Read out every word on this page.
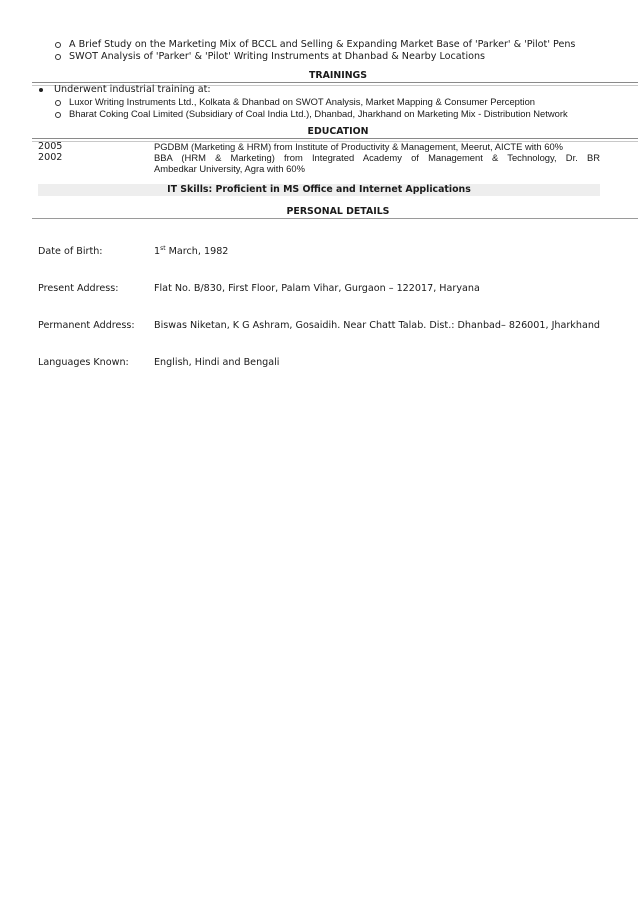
A Brief Study on the Marketing Mix of BCCL and Selling & Expanding Market Base of 'Parker' & 'Pilot' Pens
SWOT Analysis of 'Parker' & 'Pilot' Writing Instruments at Dhanbad & Nearby Locations
TRAININGS
Underwent industrial training at:
Luxor Writing Instruments Ltd., Kolkata & Dhanbad on SWOT Analysis, Market Mapping & Consumer Perception
Bharat Coking Coal Limited (Subsidiary of Coal India Ltd.), Dhanbad, Jharkhand on Marketing Mix - Distribution Network
EDUCATION
2005	PGDBM (Marketing & HRM) from Institute of Productivity & Management, Meerut, AICTE with 60%
2002	BBA (HRM & Marketing) from Integrated Academy of Management & Technology, Dr. BR
Ambedkar University, Agra with 60%
IT Skills: Proficient in MS Office and Internet Applications
PERSONAL DETAILS
Date of Birth:	1st March, 1982
Present Address:	Flat No. B/830, First Floor, Palam Vihar, Gurgaon – 122017, Haryana
Permanent Address: Biswas Niketan, K G Ashram, Gosaidih. Near Chatt Talab. Dist.: Dhanbad– 826001, Jharkhand
Languages Known:	English, Hindi and Bengali
